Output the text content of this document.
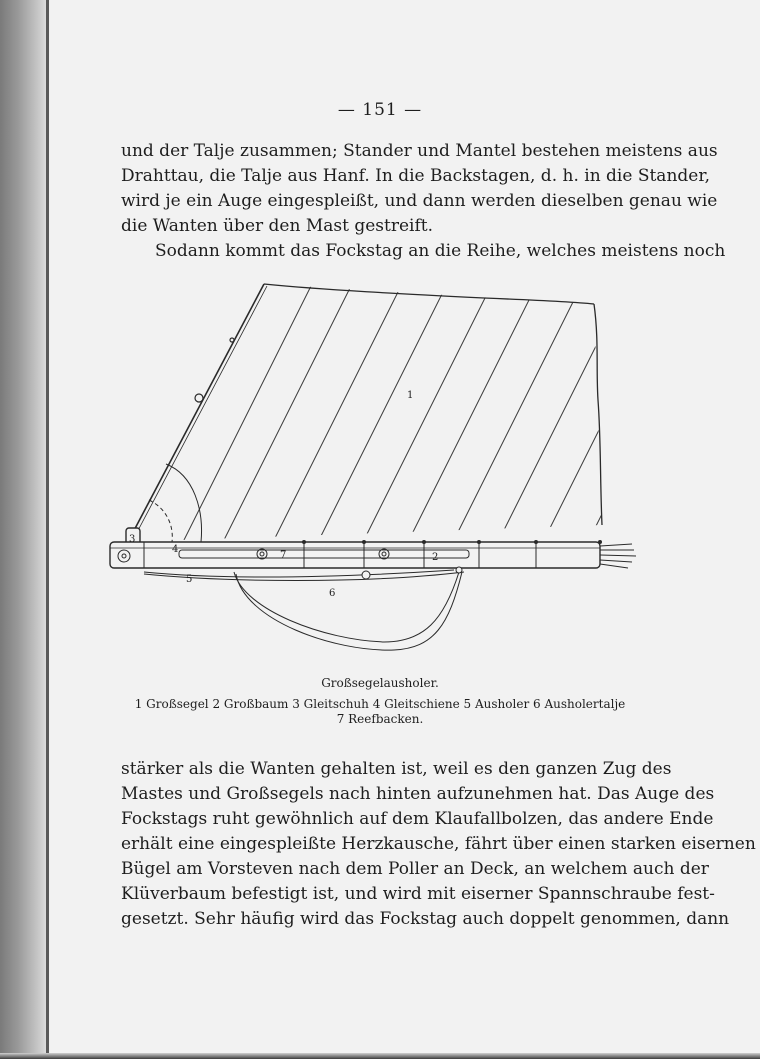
— 151 —
und der Talje zusammen; Stander und Mantel bestehen meistens aus
Drahttau, die Talje aus Hanf. In die Backstagen, d. h. in die Stander,
wird je ein Auge eingespleißt, und dann werden dieselben genau wie
die Wanten über den Mast gestreift.
Sodann kommt das Fockstag an die Reihe, welches meistens noch
1
2
3
4
5
6
7
Großsegelausholer.
1 Großsegel 2 Großbaum 3 Gleitschuh 4 Gleitschiene 5 Ausholer 6 Ausholertalje
7 Reefbacken.
stärker als die Wanten gehalten ist, weil es den ganzen Zug des
Mastes und Großsegels nach hinten aufzunehmen hat. Das Auge des
Fockstags ruht gewöhnlich auf dem Klaufallbolzen, das andere Ende
erhält eine eingespleißte Herzkausche, fährt über einen starken eisernen
Bügel am Vorsteven nach dem Poller an Deck, an welchem auch der
Klüverbaum befestigt ist, und wird mit eiserner Spannschraube fest-
gesetzt. Sehr häufig wird das Fockstag auch doppelt genommen, dann
